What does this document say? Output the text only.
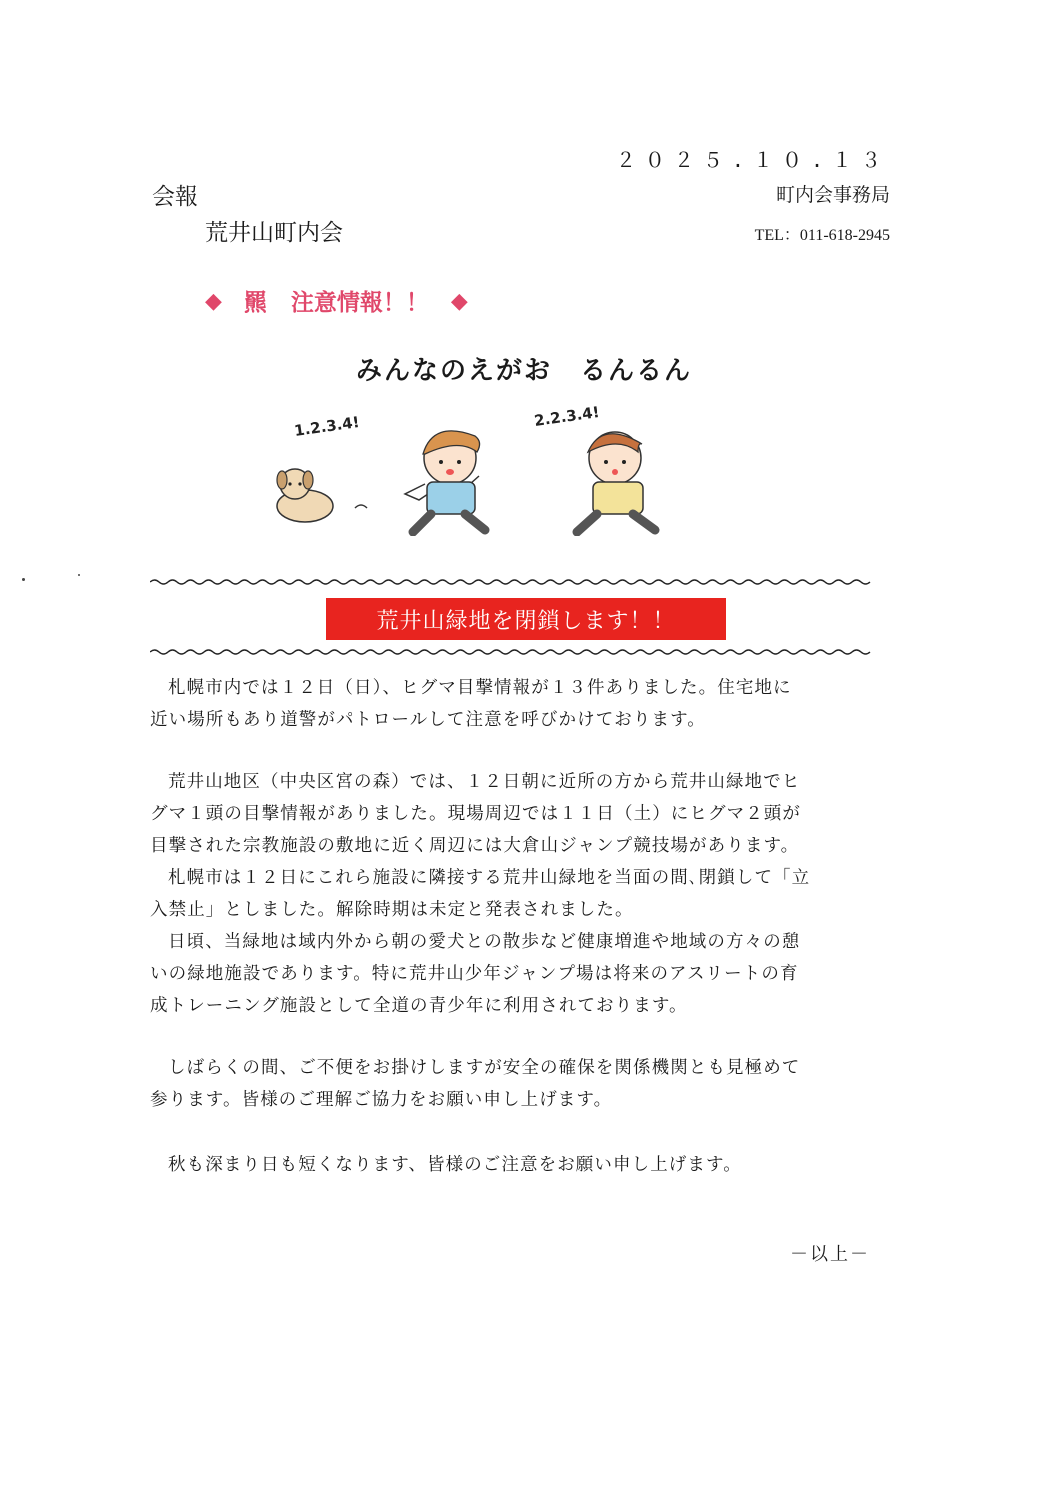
２０２５.１０.１３
町内会事務局
TEL：011-618-2945
会報
荒井山町内会
◆ 羆 注意情報！！ ◆
みんなのえがお　るんるん
1.2.3.4!	2.2.3.4!
荒井山緑地を閉鎖します！！

札幌市内では１２日（日）、ヒグマ目撃情報が１３件ありました。住宅地に

近い場所もあり道警がパトロールして注意を呼びかけております。

荒井山地区（中央区宮の森）では、１２日朝に近所の方から荒井山緑地でヒ

グマ１頭の目撃情報がありました。現場周辺では１１日（土）にヒグマ２頭が

目撃された宗教施設の敷地に近く周辺には大倉山ジャンプ競技場があります。

札幌市は１２日にこれら施設に隣接する荒井山緑地を当面の間､閉鎖して「立

入禁止」としました。解除時期は未定と発表されました。

日頃、当緑地は域内外から朝の愛犬との散歩など健康増進や地域の方々の憩

いの緑地施設であります。特に荒井山少年ジャンプ場は将来のアスリートの育

成トレーニング施設として全道の青少年に利用されております。

しばらくの間、ご不便をお掛けしますが安全の確保を関係機関とも見極めて

参ります。皆様のご理解ご協力をお願い申し上げます。

秋も深まり日も短くなります、皆様のご注意をお願い申し上げます。

－以上－
